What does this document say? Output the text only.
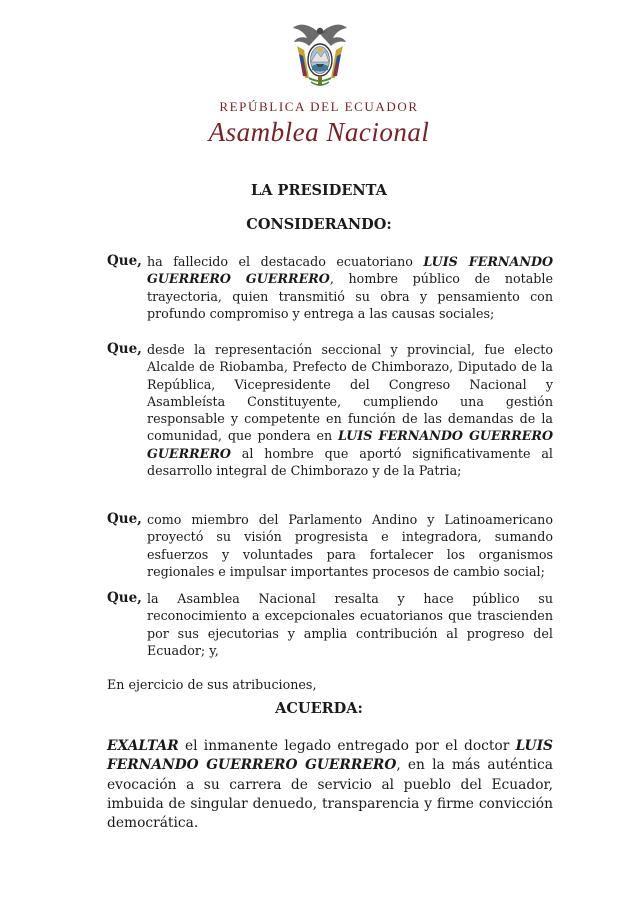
REPÚBLICA DEL ECUADOR
Asamblea Nacional
LA PRESIDENTA
CONSIDERANDO:
Que, ha fallecido el destacado ecuatoriano LUIS FERNANDO GUERRERO GUERRERO, hombre público de notable trayectoria, quien transmitió su obra y pensamiento con profundo compromiso y entrega a las causas sociales;

Que, desde la representación seccional y provincial, fue electo Alcalde de Riobamba, Prefecto de Chimborazo, Diputado de la República, Vicepresidente del Congreso Nacional y Asambleísta Constituyente, cumpliendo una gestión responsable y competente en función de las demandas de la comunidad, que pondera en LUIS FERNANDO GUERRERO GUERRERO al hombre que aportó significativamente al desarrollo integral de Chimborazo y de la Patria;

Que, como miembro del Parlamento Andino y Latinoamericano proyectó su visión progresista e integradora, sumando esfuerzos y voluntades para fortalecer los organismos regionales e impulsar importantes procesos de cambio social;

Que, la Asamblea Nacional resalta y hace público su reconocimiento a excepcionales ecuatorianos que trascienden por sus ejecutorias y amplia contribución al progreso del Ecuador; y,

En ejercicio de sus atribuciones,
ACUERDA:
EXALTAR el inmanente legado entregado por el doctor LUIS FERNANDO GUERRERO GUERRERO, en la más auténtica evocación a su carrera de servicio al pueblo del Ecuador, imbuida de singular denuedo, transparencia y firme convicción democrática.
